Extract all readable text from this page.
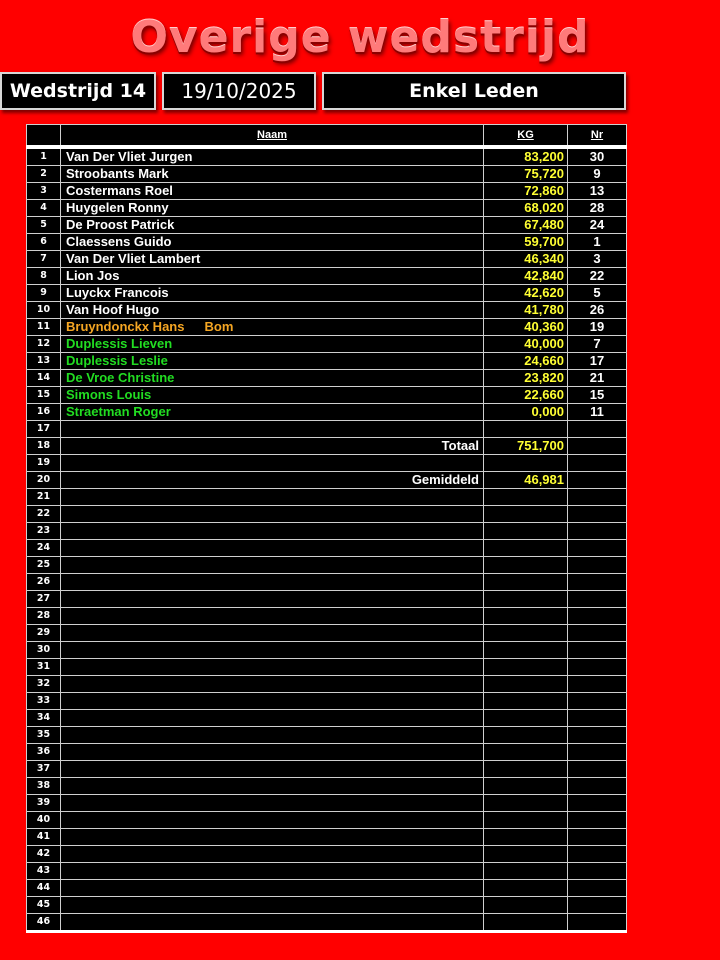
Overige wedstrijd
Wedstrijd 14	19/10/2025	Enkel Leden
	Naam	KG	Nr
1	Van Der Vliet Jurgen	83,200	30
2	Stroobants Mark	75,720	9
3	Costermans Roel	72,860	13
4	Huygelen Ronny	68,020	28
5	De Proost Patrick	67,480	24
6	Claessens Guido	59,700	1
7	Van Der Vliet Lambert	46,340	3
8	Lion Jos	42,840	22
9	Luyckx Francois	42,620	5
10	Van Hoof Hugo	41,780	26
11	Bruyndonckx Hans Bom	40,360	19
12	Duplessis Lieven	40,000	7
13	Duplessis Leslie	24,660	17
14	De Vroe Christine	23,820	21
15	Simons Louis	22,660	15
16	Straetman Roger	0,000	11
17			
18	Totaal	751,700	
19			
20	Gemiddeld	46,981	
21			
22			
23			
24			
25			
26			
27			
28			
29			
30			
31			
32			
33			
34			
35			
36			
37			
38			
39			
40			
41			
42			
43			
44			
45			
46			
